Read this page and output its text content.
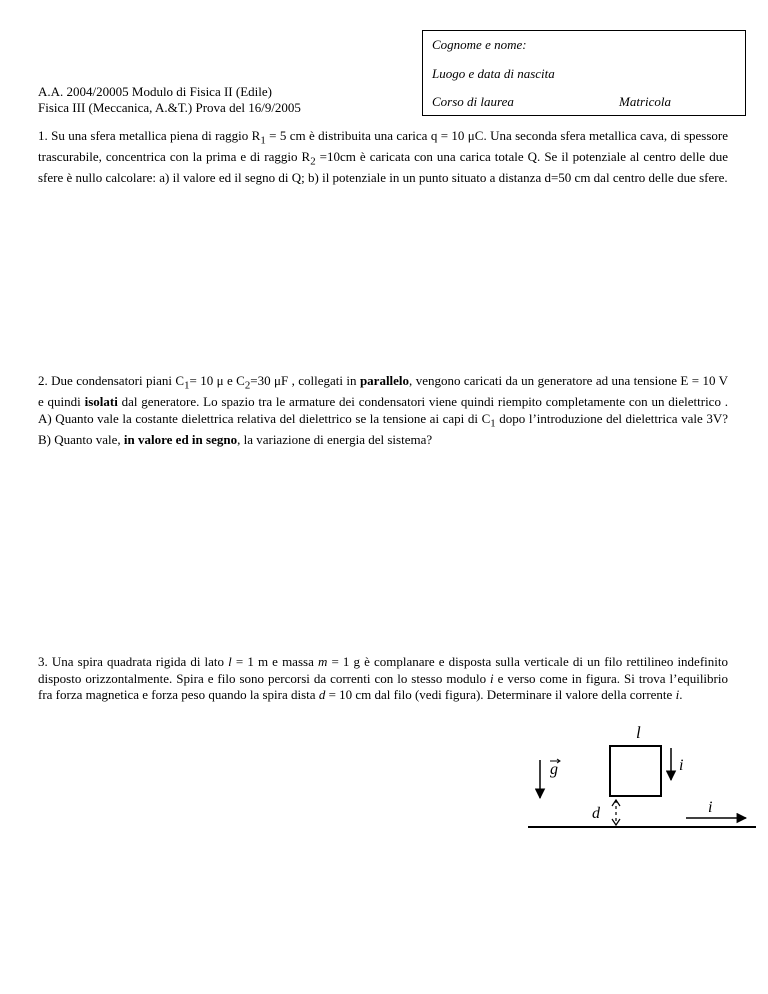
Cognome e nome:
Luogo e data di nascita
Corso di laurea	Matricola
A.A. 2004/20005 Modulo di Fisica II (Edile)
Fisica III (Meccanica, A.&T.) Prova del 16/9/2005
1. Su una sfera metallica piena di raggio $R_1 = 5$ cm è distribuita una carica q = 10 μC. Una seconda sfera metallica cava, di spessore trascurabile, concentrica con la prima e di raggio $R_2 =10cm$ è caricata con una carica totale Q. Se il potenziale al centro delle due sfere è nullo calcolare: a) il valore ed il segno di Q; b) il potenziale in un punto situato a distanza d=50 cm dal centro delle due sfere.
2. Due condensatori piani $C_1= 10$ μ e $C_2=30$ μF , collegati in parallelo, vengono caricati da un generatore ad una tensione E = 10 V e quindi isolati dal generatore. Lo spazio tra le armature dei condensatori viene quindi riempito completamente con un dielettrico . A) Quanto vale la costante dielettrica relativa del dielettrico se la tensione ai capi di $C_1$ dopo l’introduzione del dielettrica vale 3V? B) Quanto vale, in valore ed in segno, la variazione di energia del sistema?
3. Una spira quadrata rigida di lato l = 1 m e massa m = 1 g è complanare e disposta sulla verticale di un filo rettilineo indefinito disposto orizzontalmente. Spira e filo sono percorsi da correnti con lo stesso modulo i e verso come in figura. Si trova l’equilibrio fra forza magnetica e forza peso quando la spira dista d = 10 cm dal filo (vedi figura). Determinare il valore della corrente i.
g
l
i
d	i
